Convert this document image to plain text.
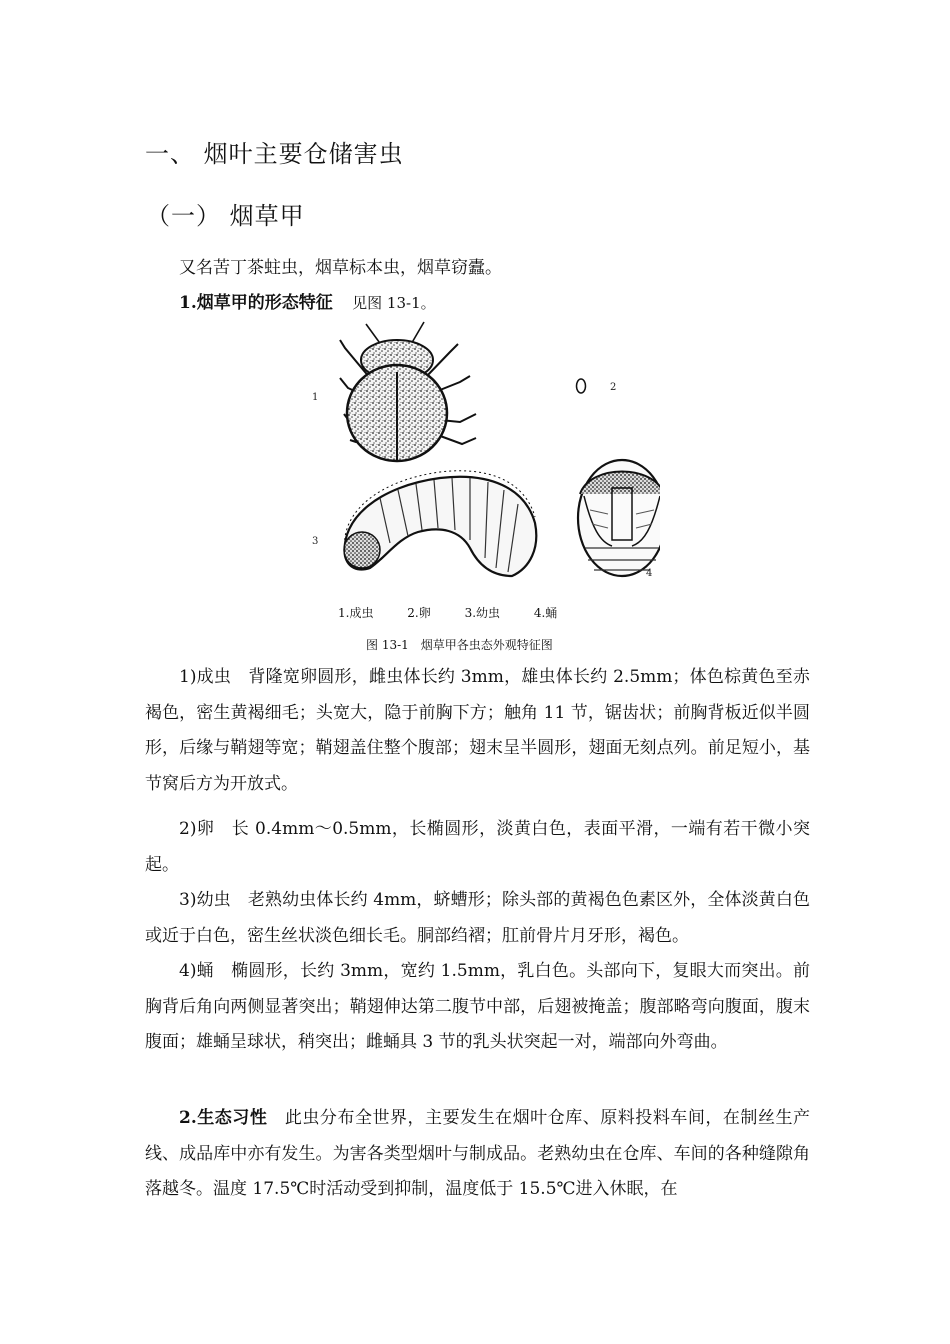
一、 烟叶主要仓储害虫
（一） 烟草甲

又名苦丁茶蛀虫，烟草标本虫，烟草窃蠹。

1.烟草甲的形态特征 见图 13-1。

1
2
3
4
1.成虫	2.卵	3.幼虫	4.蛹
图 13-1　烟草甲各虫态外观特征图

1)成虫　背隆宽卵圆形，雌虫体长约 3mm，雄虫体长约 2.5mm；体色棕黄色至赤褐色，密生黄褐细毛；头宽大，隐于前胸下方；触角 11 节，锯齿状；前胸背板近似半圆形，后缘与鞘翅等宽；鞘翅盖住整个腹部；翅末呈半圆形，翅面无刻点列。前足短小，基节窝后方为开放式。

2)卵　长 0.4mm～0.5mm，长椭圆形，淡黄白色，表面平滑，一端有若干微小突起。

3)幼虫　老熟幼虫体长约 4mm，蛴螬形；除头部的黄褐色色素区外，全体淡黄白色或近于白色，密生丝状淡色细长毛。胴部绉褶；肛前骨片月牙形，褐色。

4)蛹　椭圆形，长约 3mm，宽约 1.5mm，乳白色。头部向下，复眼大而突出。前胸背后角向两侧显著突出；鞘翅伸达第二腹节中部，后翅被掩盖；腹部略弯向腹面，腹末腹面；雄蛹呈球状，稍突出；雌蛹具 3 节的乳头状突起一对，端部向外弯曲。

2.生态习性　此虫分布全世界，主要发生在烟叶仓库、原料投料车间，在制丝生产线、成品库中亦有发生。为害各类型烟叶与制成品。老熟幼虫在仓库、车间的各种缝隙角落越冬。温度 17.5℃时活动受到抑制，温度低于 15.5℃进入休眠，在
